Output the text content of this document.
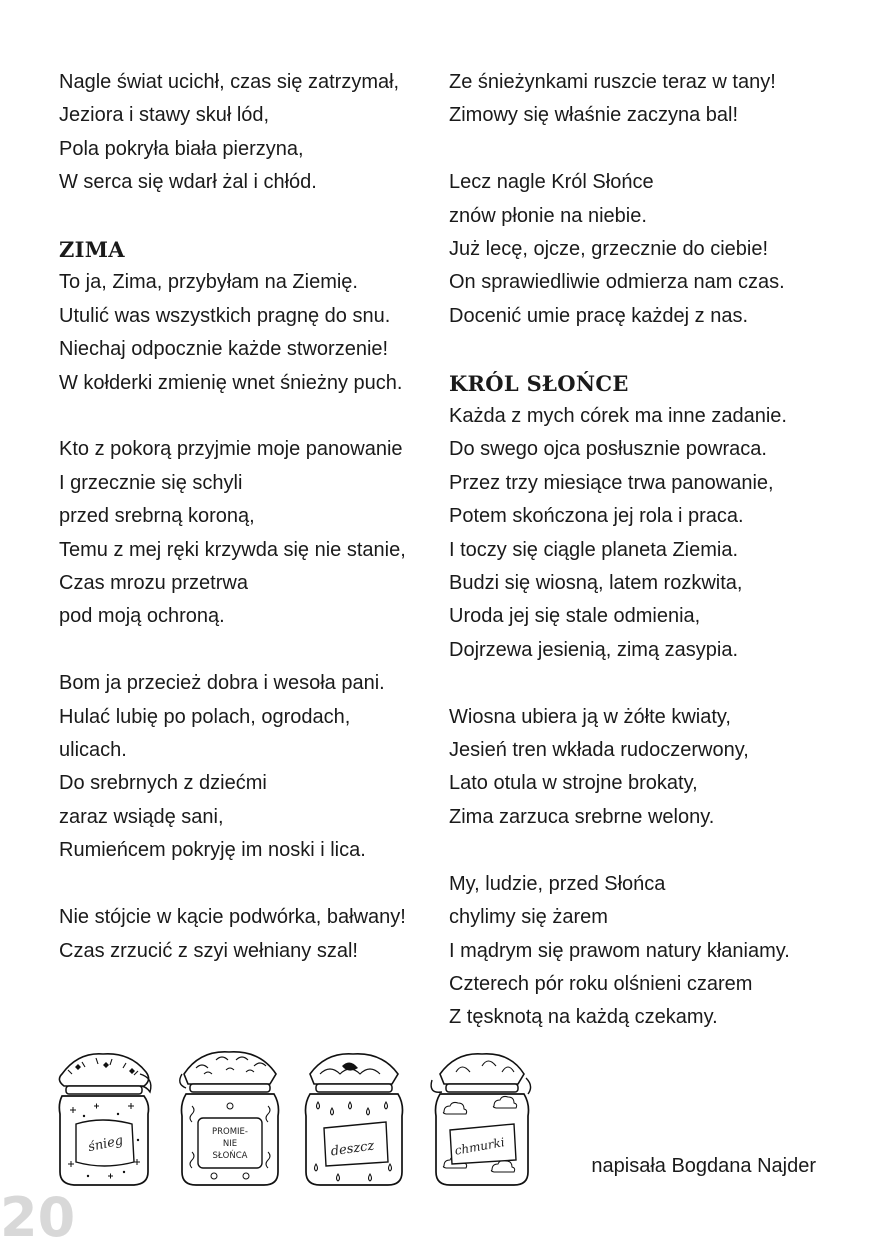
Nagle świat ucichł, czas się zatrzymał,
Jeziora i stawy skuł lód,
Pola pokryła biała pierzyna,
W serca się wdarł żal i chłód.
ZIMA
To ja, Zima, przybyłam na Ziemię.
Utulić was wszystkich pragnę do snu.
Niechaj odpocznie każde stworzenie!
W kołderki zmienię wnet śnieżny puch.
Kto z pokorą przyjmie moje panowanie
I grzecznie się schyli
przed srebrną koroną,
Temu z mej ręki krzywda się nie stanie,
Czas mrozu przetrwa
pod moją ochroną.
Bom ja przecież dobra i wesoła pani.
Hulać lubię po polach, ogrodach,
ulicach.
Do srebrnych z dziećmi
zaraz wsiądę sani,
Rumieńcem pokryję im noski i lica.
Nie stójcie w kącie podwórka, bałwany!
Czas zrzucić z szyi wełniany szal!
Ze śnieżynkami ruszcie teraz w tany!
Zimowy się właśnie zaczyna bal!
Lecz nagle Król Słońce
znów płonie na niebie.
Już lecę, ojcze, grzecznie do ciebie!
On sprawiedliwie odmierza nam czas.
Docenić umie pracę każdej z nas.
KRÓL SŁOŃCE
Każda z mych córek ma inne zadanie.
Do swego ojca posłusznie powraca.
Przez trzy miesiące trwa panowanie,
Potem skończona jej rola i praca.
I toczy się ciągle planeta Ziemia.
Budzi się wiosną, latem rozkwita,
Uroda jej się stale odmienia,
Dojrzewa jesienią, zimą zasypia.
Wiosna ubiera ją w żółte kwiaty,
Jesień tren wkłada rudoczerwony,
Lato otula w strojne brokaty,
Zima zarzuca srebrne welony.
My, ludzie, przed Słońca
chylimy się żarem
I mądrym się prawom natury kłaniamy.
Czterech pór roku olśnieni czarem
Z tęsknotą na każdą czekamy.
śnieg
PROMIE-
NIE
SŁOŃCA	deszcz	chmurki
napisała Bogdana Najder
20
